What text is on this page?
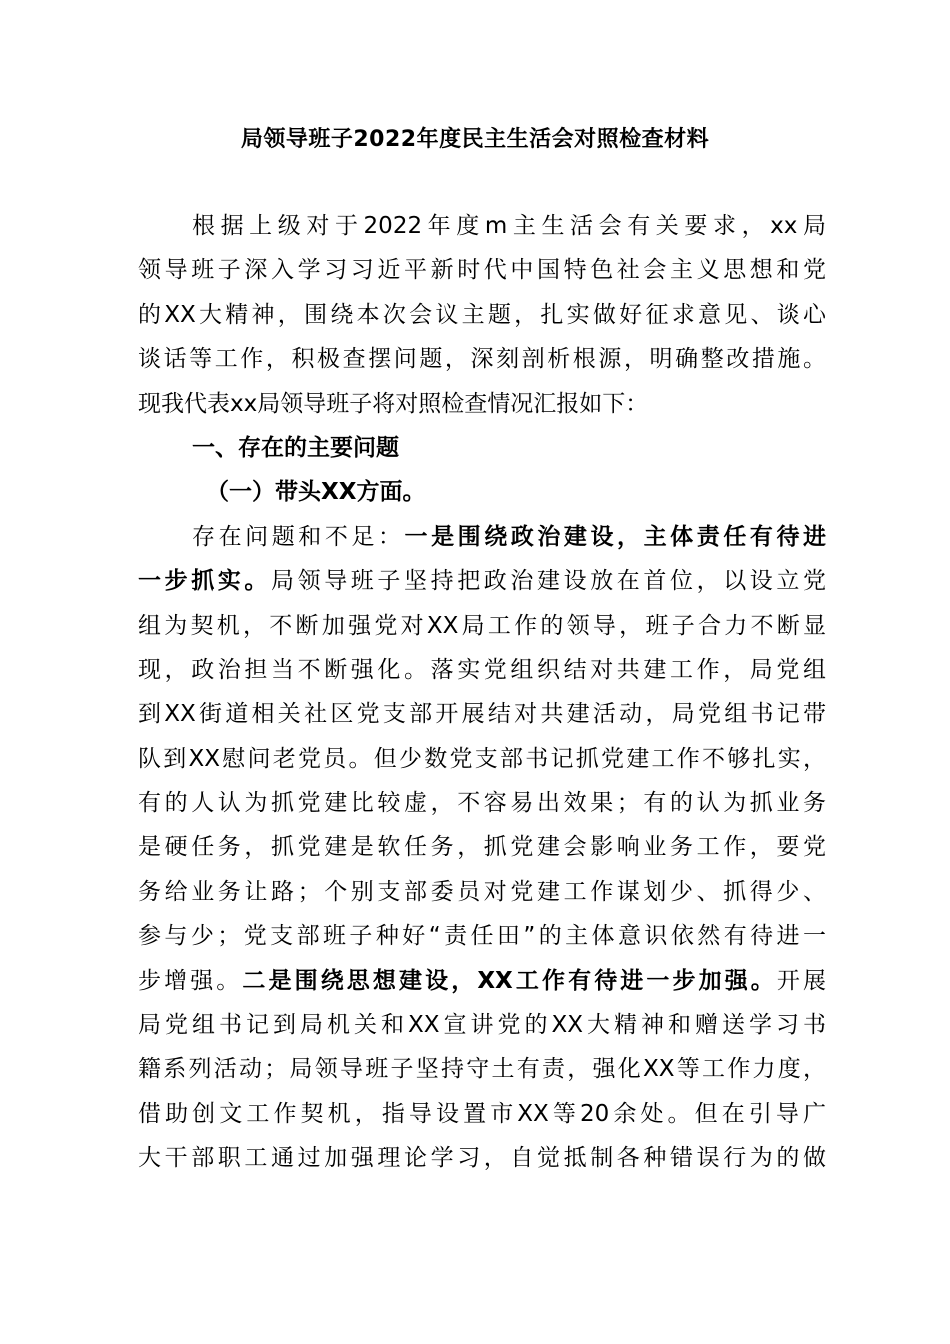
局领导班子2022年度民主生活会对照检查材料
根据上级对于2022年度m主生活会有关要求，xx局
领导班子深入学习习近平新时代中国特色社会主义思想和党
的XX大精神，围绕本次会议主题，扎实做好征求意见、谈心
谈话等工作，积极查摆问题，深刻剖析根源，明确整改措施。
现我代表xx局领导班子将对照检查情况汇报如下：
一、存在的主要问题
（一）带头XX方面。
存在问题和不足：一是围绕政治建设，主体责任有待进
一步抓实。局领导班子坚持把政治建设放在首位，以设立党
组为契机，不断加强党对XX局工作的领导，班子合力不断显
现，政治担当不断强化。落实党组织结对共建工作，局党组
到XX街道相关社区党支部开展结对共建活动，局党组书记带
队到XX慰问老党员。但少数党支部书记抓党建工作不够扎实，
有的人认为抓党建比较虚，不容易出效果；有的认为抓业务
是硬任务，抓党建是软任务，抓党建会影响业务工作，要党
务给业务让路；个别支部委员对党建工作谋划少、抓得少、
参与少；党支部班子种好“责任田”的主体意识依然有待进一
步增强。二是围绕思想建设，XX工作有待进一步加强。开展
局党组书记到局机关和XX宣讲党的XX大精神和赠送学习书
籍系列活动；局领导班子坚持守土有责，强化XX等工作力度，
借助创文工作契机，指导设置市XX等20余处。但在引导广
大干部职工通过加强理论学习，自觉抵制各种错误行为的做
